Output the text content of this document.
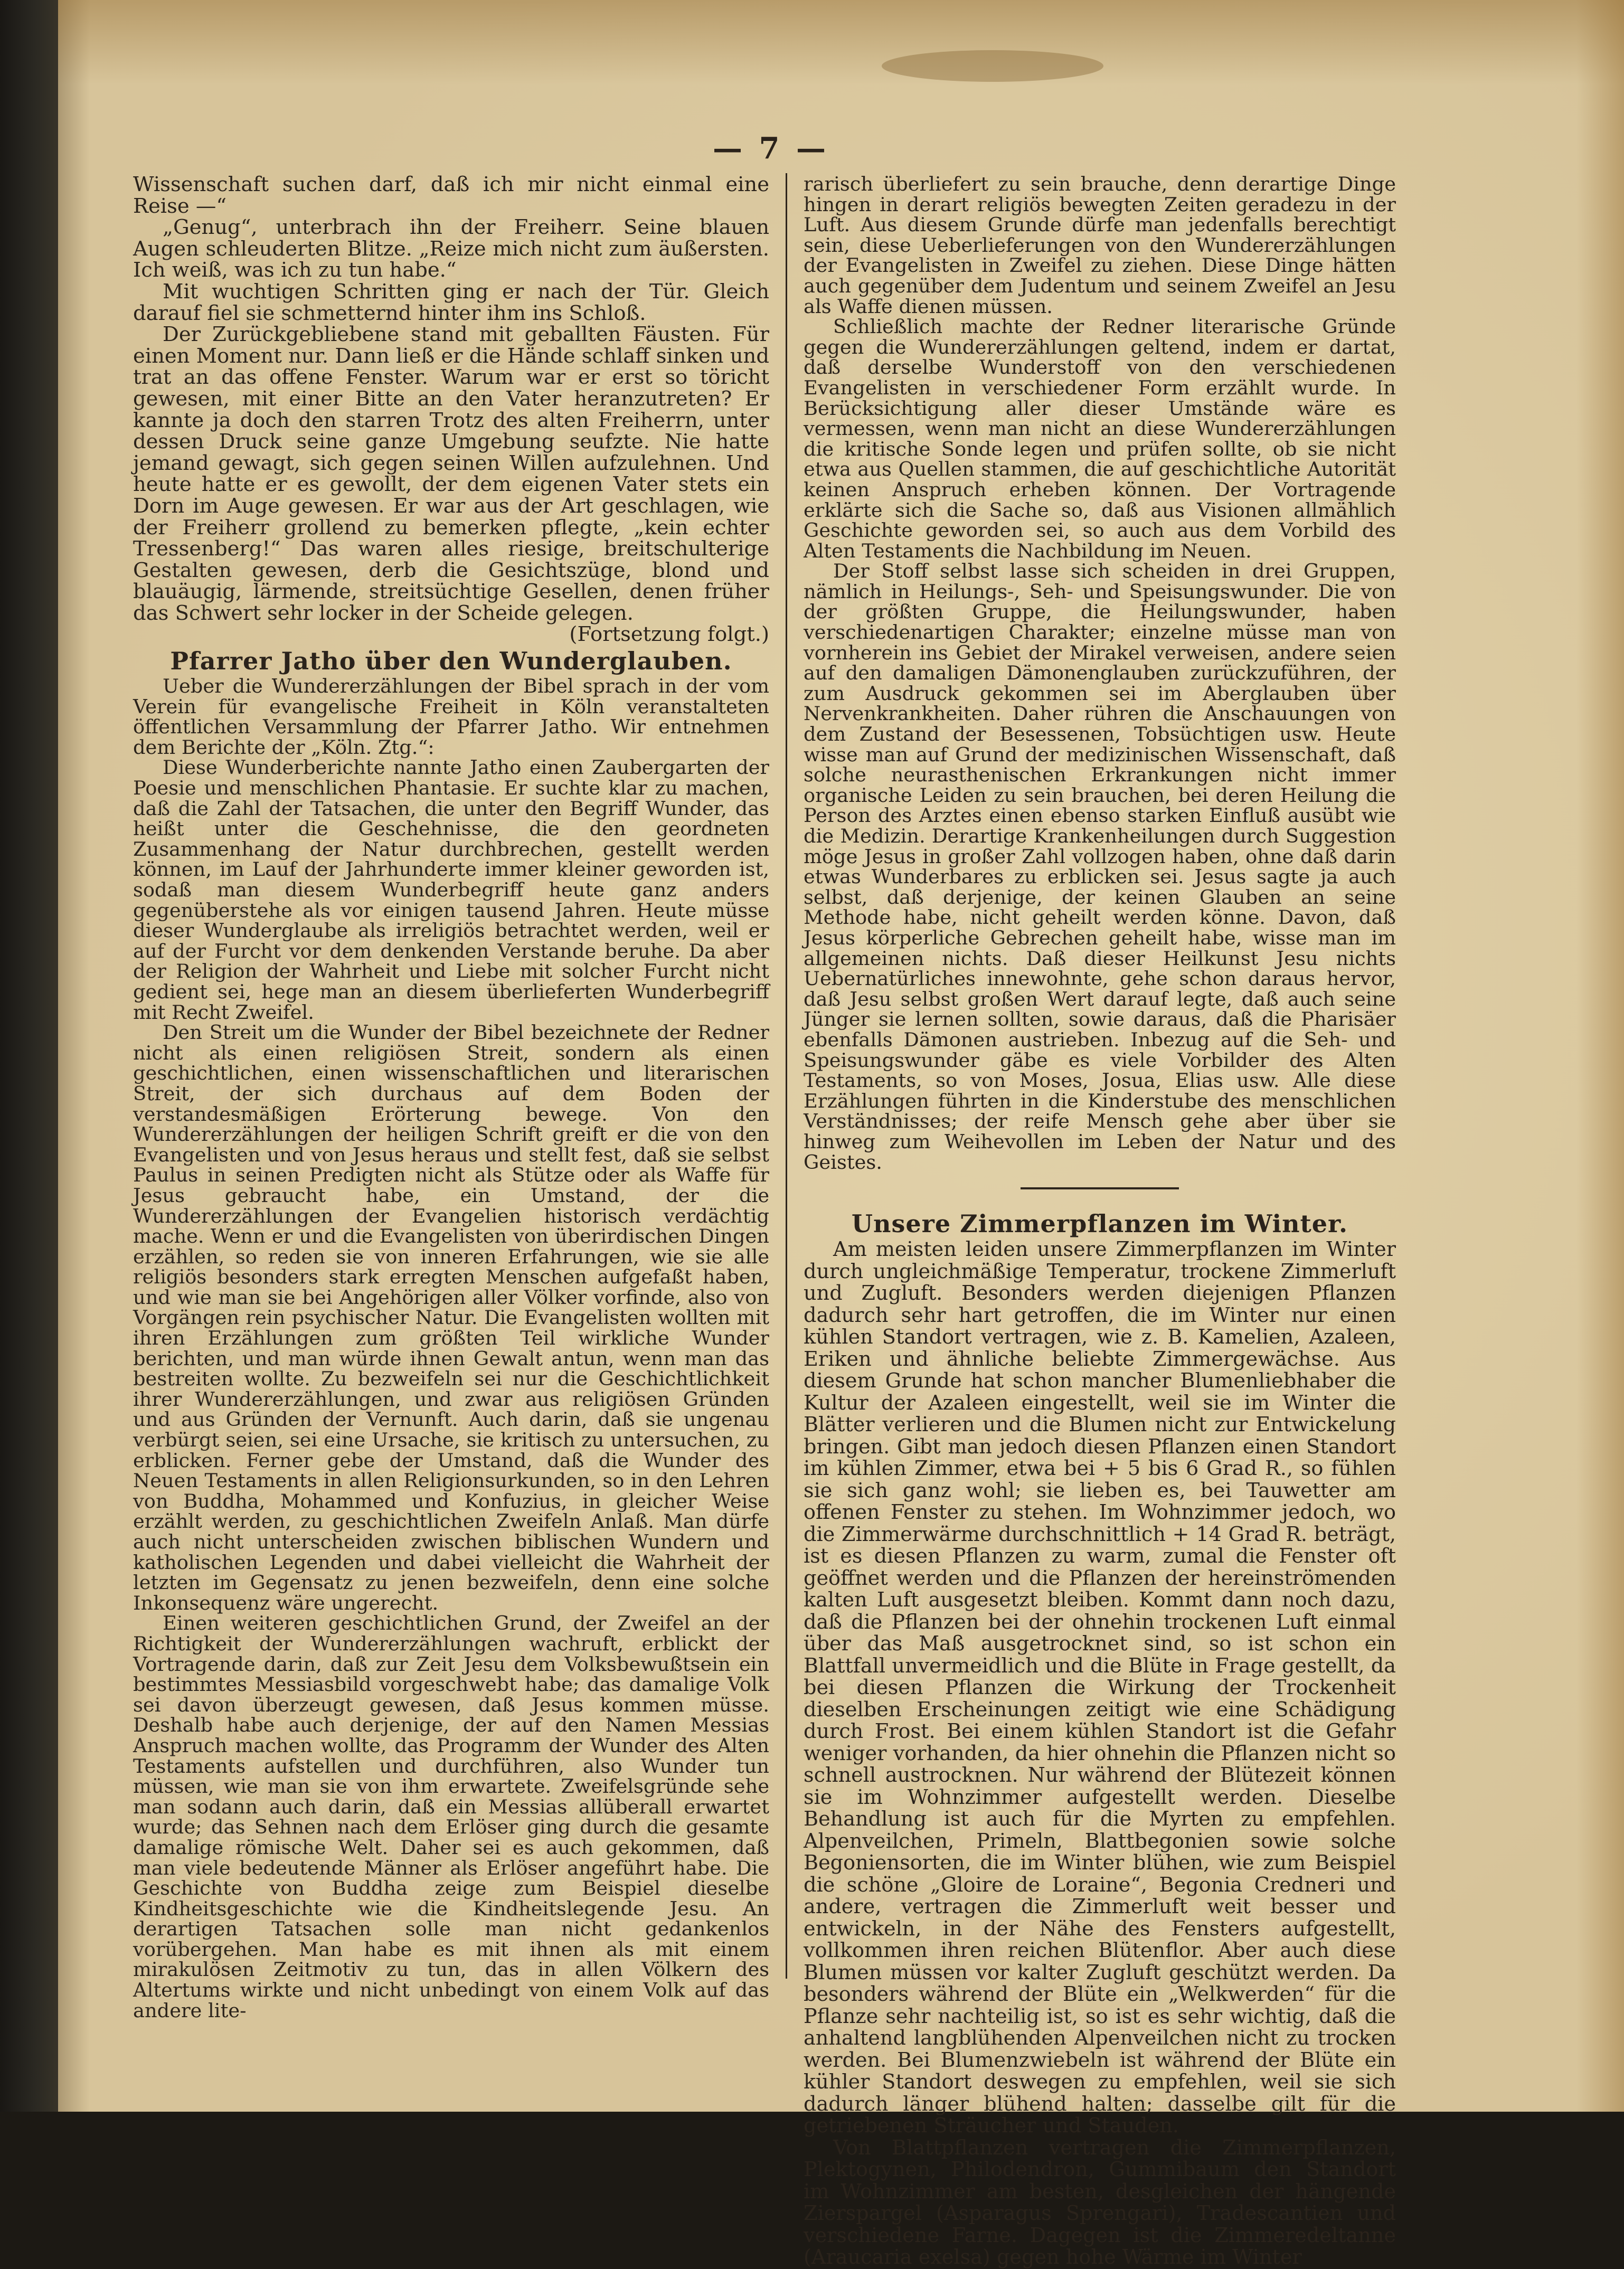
— 7 —

Wissenschaft suchen darf, daß ich mir nicht einmal eine Reise —“

„Genug“, unterbrach ihn der Freiherr. Seine blauen Augen schleuderten Blitze. „Reize mich nicht zum äußersten. Ich weiß, was ich zu tun habe.“

Mit wuchtigen Schritten ging er nach der Tür. Gleich darauf fiel sie schmetternd hinter ihm ins Schloß.

Der Zurückgebliebene stand mit geballten Fäusten. Für einen Moment nur. Dann ließ er die Hände schlaff sinken und trat an das offene Fenster. Warum war er erst so töricht gewesen, mit einer Bitte an den Vater heranzutreten? Er kannte ja doch den starren Trotz des alten Freiherrn, unter dessen Druck seine ganze Umgebung seufzte. Nie hatte jemand gewagt, sich gegen seinen Willen aufzulehnen. Und heute hatte er es gewollt, der dem eigenen Vater stets ein Dorn im Auge gewesen. Er war aus der Art geschlagen, wie der Freiherr grollend zu bemerken pflegte, „kein echter Tressenberg!“ Das waren alles riesige, breitschulterige Gestalten gewesen, derb die Gesichtszüge, blond und blauäugig, lärmende, streitsüchtige Gesellen, denen früher das Schwert sehr locker in der Scheide gelegen.

(Fortsetzung folgt.)

Pfarrer Jatho über den Wunderglauben.

Ueber die Wundererzählungen der Bibel sprach in der vom Verein für evangelische Freiheit in Köln veranstalteten öffentlichen Versammlung der Pfarrer Jatho. Wir entnehmen dem Berichte der „Köln. Ztg.“:

Diese Wunderberichte nannte Jatho einen Zaubergarten der Poesie und menschlichen Phantasie. Er suchte klar zu machen, daß die Zahl der Tatsachen, die unter den Begriff Wunder, das heißt unter die Geschehnisse, die den geordneten Zusammenhang der Natur durchbrechen, gestellt werden können, im Lauf der Jahrhunderte immer kleiner geworden ist, sodaß man diesem Wunderbegriff heute ganz anders gegenüberstehe als vor einigen tausend Jahren. Heute müsse dieser Wunderglaube als irreligiös betrachtet werden, weil er auf der Furcht vor dem denkenden Verstande beruhe. Da aber der Religion der Wahrheit und Liebe mit solcher Furcht nicht gedient sei, hege man an diesem überlieferten Wunderbegriff mit Recht Zweifel.

Den Streit um die Wunder der Bibel bezeichnete der Redner nicht als einen religiösen Streit, sondern als einen geschichtlichen, einen wissenschaftlichen und literarischen Streit, der sich durchaus auf dem Boden der verstandesmäßigen Erörterung bewege. Von den Wundererzählungen der heiligen Schrift greift er die von den Evangelisten und von Jesus heraus und stellt fest, daß sie selbst Paulus in seinen Predigten nicht als Stütze oder als Waffe für Jesus gebraucht habe, ein Umstand, der die Wundererzählungen der Evangelien historisch verdächtig mache. Wenn er und die Evangelisten von überirdischen Dingen erzählen, so reden sie von inneren Erfahrungen, wie sie alle religiös besonders stark erregten Menschen aufgefaßt haben, und wie man sie bei Angehörigen aller Völker vorfinde, also von Vorgängen rein psychischer Natur. Die Evangelisten wollten mit ihren Erzählungen zum größten Teil wirkliche Wunder berichten, und man würde ihnen Gewalt antun, wenn man das bestreiten wollte. Zu bezweifeln sei nur die Geschichtlichkeit ihrer Wundererzählungen, und zwar aus religiösen Gründen und aus Gründen der Vernunft. Auch darin, daß sie ungenau verbürgt seien, sei eine Ursache, sie kritisch zu untersuchen, zu erblicken. Ferner gebe der Umstand, daß die Wunder des Neuen Testaments in allen Religionsurkunden, so in den Lehren von Buddha, Mohammed und Konfuzius, in gleicher Weise erzählt werden, zu geschichtlichen Zweifeln Anlaß. Man dürfe auch nicht unterscheiden zwischen biblischen Wundern und katholischen Legenden und dabei vielleicht die Wahrheit der letzten im Gegensatz zu jenen bezweifeln, denn eine solche Inkonsequenz wäre ungerecht.

Einen weiteren geschichtlichen Grund, der Zweifel an der Richtigkeit der Wundererzählungen wachruft, erblickt der Vortragende darin, daß zur Zeit Jesu dem Volksbewußtsein ein bestimmtes Messiasbild vorgeschwebt habe; das damalige Volk sei davon überzeugt gewesen, daß Jesus kommen müsse. Deshalb habe auch derjenige, der auf den Namen Messias Anspruch machen wollte, das Programm der Wunder des Alten Testaments aufstellen und durchführen, also Wunder tun müssen, wie man sie von ihm erwartete. Zweifelsgründe sehe man sodann auch darin, daß ein Messias allüberall erwartet wurde; das Sehnen nach dem Erlöser ging durch die gesamte damalige römische Welt. Daher sei es auch gekommen, daß man viele bedeutende Männer als Erlöser angeführt habe. Die Geschichte von Buddha zeige zum Beispiel dieselbe Kindheitsgeschichte wie die Kindheitslegende Jesu. An derartigen Tatsachen solle man nicht gedankenlos vorübergehen. Man habe es mit ihnen als mit einem mirakulösen Zeitmotiv zu tun, das in allen Völkern des Altertums wirkte und nicht unbedingt von einem Volk auf das andere lite-

rarisch überliefert zu sein brauche, denn derartige Dinge hingen in derart religiös bewegten Zeiten geradezu in der Luft. Aus diesem Grunde dürfe man jedenfalls berechtigt sein, diese Ueberlieferungen von den Wundererzählungen der Evangelisten in Zweifel zu ziehen. Diese Dinge hätten auch gegenüber dem Judentum und seinem Zweifel an Jesu als Waffe dienen müssen.

Schließlich machte der Redner literarische Gründe gegen die Wundererzählungen geltend, indem er dartat, daß derselbe Wunderstoff von den verschiedenen Evangelisten in verschiedener Form erzählt wurde. In Berücksichtigung aller dieser Umstände wäre es vermessen, wenn man nicht an diese Wundererzählungen die kritische Sonde legen und prüfen sollte, ob sie nicht etwa aus Quellen stammen, die auf geschichtliche Autorität keinen Anspruch erheben können. Der Vortragende erklärte sich die Sache so, daß aus Visionen allmählich Geschichte geworden sei, so auch aus dem Vorbild des Alten Testaments die Nachbildung im Neuen.

Der Stoff selbst lasse sich scheiden in drei Gruppen, nämlich in Heilungs-, Seh- und Speisungswunder. Die von der größten Gruppe, die Heilungswunder, haben verschiedenartigen Charakter; einzelne müsse man von vornherein ins Gebiet der Mirakel verweisen, andere seien auf den damaligen Dämonenglauben zurückzuführen, der zum Ausdruck gekommen sei im Aberglauben über Nervenkrankheiten. Daher rühren die Anschauungen von dem Zustand der Besessenen, Tobsüchtigen usw. Heute wisse man auf Grund der medizinischen Wissenschaft, daß solche neurasthenischen Erkrankungen nicht immer organische Leiden zu sein brauchen, bei deren Heilung die Person des Arztes einen ebenso starken Einfluß ausübt wie die Medizin. Derartige Krankenheilungen durch Suggestion möge Jesus in großer Zahl vollzogen haben, ohne daß darin etwas Wunderbares zu erblicken sei. Jesus sagte ja auch selbst, daß derjenige, der keinen Glauben an seine Methode habe, nicht geheilt werden könne. Davon, daß Jesus körperliche Gebrechen geheilt habe, wisse man im allgemeinen nichts. Daß dieser Heilkunst Jesu nichts Uebernatürliches innewohnte, gehe schon daraus hervor, daß Jesu selbst großen Wert darauf legte, daß auch seine Jünger sie lernen sollten, sowie daraus, daß die Pharisäer ebenfalls Dämonen austrieben. Inbezug auf die Seh- und Speisungswunder gäbe es viele Vorbilder des Alten Testaments, so von Moses, Josua, Elias usw. Alle diese Erzählungen führten in die Kinderstube des menschlichen Verständnisses; der reife Mensch gehe aber über sie hinweg zum Weihevollen im Leben der Natur und des Geistes.

Unsere Zimmerpflanzen im Winter.

Am meisten leiden unsere Zimmerpflanzen im Winter durch ungleichmäßige Temperatur, trockene Zimmerluft und Zugluft. Besonders werden diejenigen Pflanzen dadurch sehr hart getroffen, die im Winter nur einen kühlen Standort vertragen, wie z. B. Kamelien, Azaleen, Eriken und ähnliche beliebte Zimmergewächse. Aus diesem Grunde hat schon mancher Blumenliebhaber die Kultur der Azaleen eingestellt, weil sie im Winter die Blätter verlieren und die Blumen nicht zur Entwickelung bringen. Gibt man jedoch diesen Pflanzen einen Standort im kühlen Zimmer, etwa bei + 5 bis 6 Grad R., so fühlen sie sich ganz wohl; sie lieben es, bei Tauwetter am offenen Fenster zu stehen. Im Wohnzimmer jedoch, wo die Zimmerwärme durchschnittlich + 14 Grad R. beträgt, ist es diesen Pflanzen zu warm, zumal die Fenster oft geöffnet werden und die Pflanzen der hereinströmenden kalten Luft ausgesetzt bleiben. Kommt dann noch dazu, daß die Pflanzen bei der ohnehin trockenen Luft einmal über das Maß ausgetrocknet sind, so ist schon ein Blattfall unvermeidlich und die Blüte in Frage gestellt, da bei diesen Pflanzen die Wirkung der Trockenheit dieselben Erscheinungen zeitigt wie eine Schädigung durch Frost. Bei einem kühlen Standort ist die Gefahr weniger vorhanden, da hier ohnehin die Pflanzen nicht so schnell austrocknen. Nur während der Blütezeit können sie im Wohnzimmer aufgestellt werden. Dieselbe Behandlung ist auch für die Myrten zu empfehlen. Alpenveilchen, Primeln, Blattbegonien sowie solche Begoniensorten, die im Winter blühen, wie zum Beispiel die schöne „Gloire de Loraine“, Begonia Credneri und andere, vertragen die Zimmerluft weit besser und entwickeln, in der Nähe des Fensters aufgestellt, vollkommen ihren reichen Blütenflor. Aber auch diese Blumen müssen vor kalter Zugluft geschützt werden. Da besonders während der Blüte ein „Welkwerden“ für die Pflanze sehr nachteilig ist, so ist es sehr wichtig, daß die anhaltend langblühenden Alpenveilchen nicht zu trocken werden. Bei Blumenzwiebeln ist während der Blüte ein kühler Standort deswegen zu empfehlen, weil sie sich dadurch länger blühend halten; dasselbe gilt für die getriebenen Sträucher und Stauden.

Von Blattpflanzen vertragen die Zimmerpflanzen, Plektogynen, Philodendron, Gummibaum den Standort im Wohnzimmer am besten, desgleichen der hängende Zierspargel (Asparagus Sprengari), Tradescantien und verschiedene Farne. Dagegen ist die Zimmeredeltanne (Araucaria exelsa) gegen hohe Wärme im Winter
